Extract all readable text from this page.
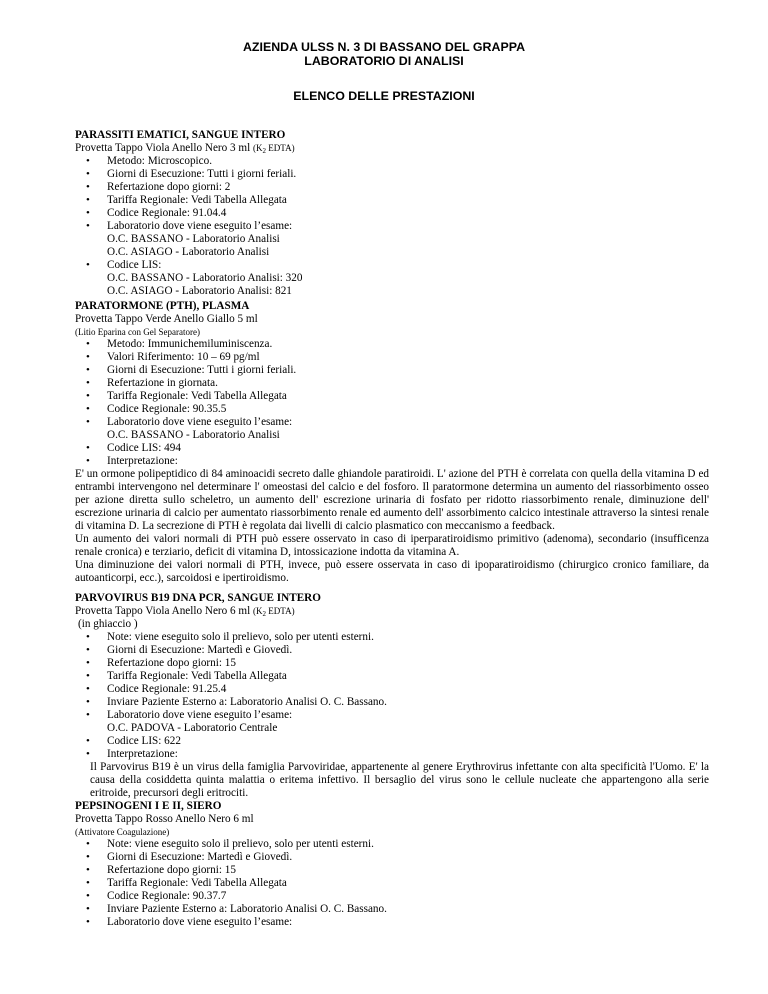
AZIENDA ULSS N. 3 DI BASSANO DEL GRAPPA
LABORATORIO DI ANALISI
ELENCO DELLE PRESTAZIONI
PARASSITI EMATICI, SANGUE INTERO
Provetta Tappo Viola Anello Nero 3 ml ($K_2$ EDTA)
• Metodo: Microscopico.
• Giorni di Esecuzione: Tutti i giorni feriali.
• Refertazione dopo giorni: 2
• Tariffa Regionale: Vedi Tabella Allegata
• Codice Regionale: 91.04.4
• Laboratorio dove viene eseguito l’esame:
O.C. BASSANO - Laboratorio Analisi
O.C. ASIAGO - Laboratorio Analisi
• Codice LIS:
O.C. BASSANO - Laboratorio Analisi: 320
O.C. ASIAGO - Laboratorio Analisi: 821
PARATORMONE (PTH), PLASMA
Provetta Tappo Verde Anello Giallo 5 ml
(Litio Eparina con Gel Separatore)
• Metodo: Immunichemiluminiscenza.
• Valori Riferimento: 10 – 69 pg/ml
• Giorni di Esecuzione: Tutti i giorni feriali.
• Refertazione in giornata.
• Tariffa Regionale: Vedi Tabella Allegata
• Codice Regionale: 90.35.5
• Laboratorio dove viene eseguito l’esame:
O.C. BASSANO - Laboratorio Analisi
• Codice LIS: 494
• Interpretazione:
E' un ormone polipeptidico di 84 aminoacidi secreto dalle ghiandole paratiroidi. L' azione del PTH è correlata con quella della vitamina D ed entrambi intervengono nel determinare l' omeostasi del calcio e del fosforo. Il paratormone determina un aumento del riassorbimento osseo per azione diretta sullo scheletro, un aumento dell' escrezione urinaria di fosfato per ridotto riassorbimento renale, diminuzione dell' escrezione urinaria di calcio per aumentato riassorbimento renale ed aumento dell' assorbimento calcico intestinale attraverso la sintesi renale di vitamina D. La secrezione di PTH è regolata dai livelli di calcio plasmatico con meccanismo a feedback.
Un aumento dei valori normali di PTH può essere osservato in caso di iperparatiroidismo primitivo (adenoma), secondario (insufficenza renale cronica) e terziario, deficit di vitamina D, intossicazione indotta da vitamina A.
Una diminuzione dei valori normali di PTH, invece, può essere osservata in caso di ipoparatiroidismo (chirurgico cronico familiare, da autoanticorpi, ecc.), sarcoidosi e ipertiroidismo.
PARVOVIRUS B19 DNA PCR, SANGUE INTERO
Provetta Tappo Viola Anello Nero 6 ml ($K_2$ EDTA)
(in ghiaccio )
• Note: viene eseguito solo il prelievo, solo per utenti esterni.
• Giorni di Esecuzione: Martedì e Giovedì.
• Refertazione dopo giorni: 15
• Tariffa Regionale: Vedi Tabella Allegata
• Codice Regionale: 91.25.4
• Inviare Paziente Esterno a: Laboratorio Analisi O. C. Bassano.
• Laboratorio dove viene eseguito l’esame:
O.C. PADOVA - Laboratorio Centrale
• Codice LIS: 622
• Interpretazione:
Il Parvovirus B19 è un virus della famiglia Parvoviridae, appartenente al genere Erythrovirus infettante con alta specificità l'Uomo. E' la causa della cosiddetta quinta malattia o eritema infettivo. Il bersaglio del virus sono le cellule nucleate che appartengono alla serie eritroide, precursori degli eritrociti.
PEPSINOGENI I E II, SIERO
Provetta Tappo Rosso Anello Nero 6 ml
(Attivatore Coagulazione)
• Note: viene eseguito solo il prelievo, solo per utenti esterni.
• Giorni di Esecuzione: Martedì e Giovedì.
• Refertazione dopo giorni: 15
• Tariffa Regionale: Vedi Tabella Allegata
• Codice Regionale: 90.37.7
• Inviare Paziente Esterno a: Laboratorio Analisi O. C. Bassano.
• Laboratorio dove viene eseguito l’esame:
